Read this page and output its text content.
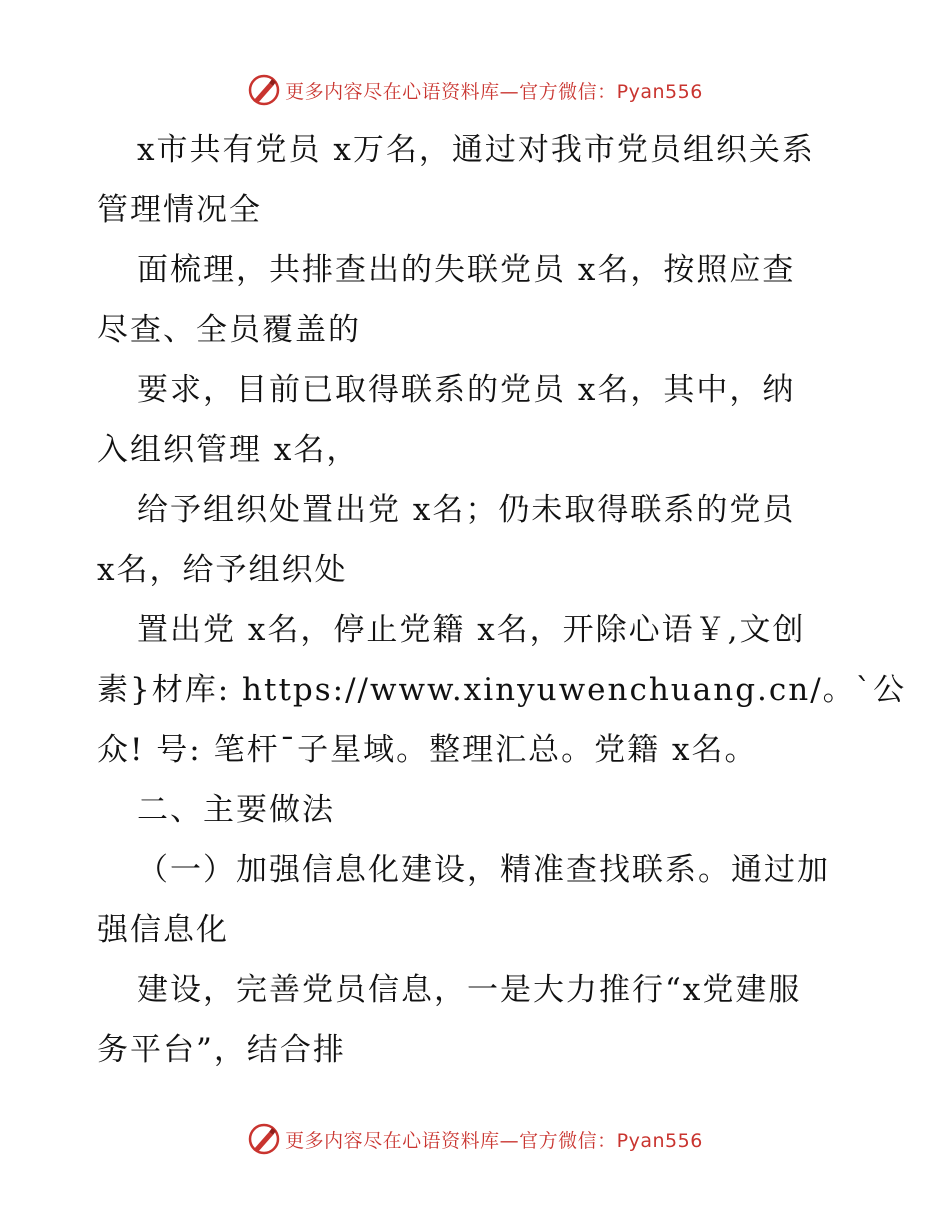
更多内容尽在心语资料库—官方微信：Pyan556

x市共有党员 x万名，通过对我市党员组织关系

管理情况全

面梳理，共排查出的失联党员 x名，按照应查

尽查、全员覆盖的

要求，目前已取得联系的党员 x名，其中，纳

入组织管理 x名，

给予组织处置出党 x名；仍未取得联系的党员

x名，给予组织处

置出党 x名，停止党籍 x名，开除心语￥,文创

素}材库: https://www.xinyuwenchuang.cn/。`公

众! 号: 笔杆¯子星域。整理汇总。党籍 x名。

二、主要做法

（一）加强信息化建设，精准查找联系。通过加

强信息化

建设，完善党员信息，一是大力推行“x党建服

务平台”，结合排

更多内容尽在心语资料库—官方微信：Pyan556
